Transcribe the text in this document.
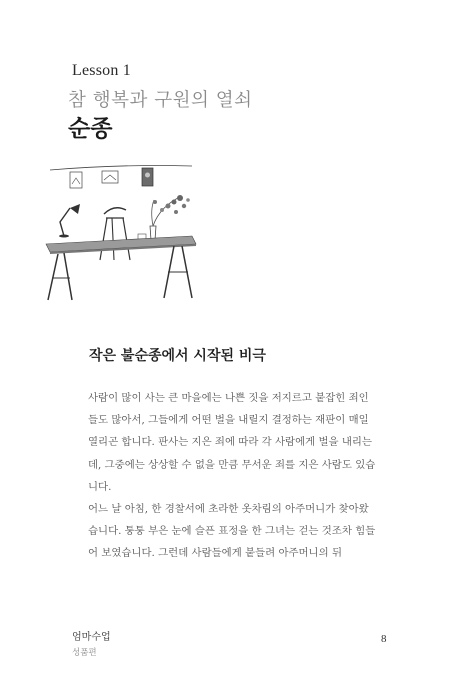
Lesson 1
참 행복과 구원의 열쇠
순종
작은 불순종에서 시작된 비극

사람이 많이 사는 큰 마을에는 나쁜 짓을 저지르고 붙잡힌 죄인들도 많아서, 그들에게 어떤 벌을 내릴지 결정하는 재판이 매일 열리곤 합니다. 판사는 지은 죄에 따라 각 사람에게 벌을 내리는데, 그중에는 상상할 수 없을 만큼 무서운 죄를 지은 사람도 있습니다.

어느 날 아침, 한 경찰서에 초라한 옷차림의 아주머니가 찾아왔습니다. 퉁퉁 부은 눈에 슬픈 표정을 한 그녀는 걷는 것조차 힘들어 보였습니다. 그런데 사람들에게 붙들려 아주머니의 뒤

엄마수업
성품편
8
